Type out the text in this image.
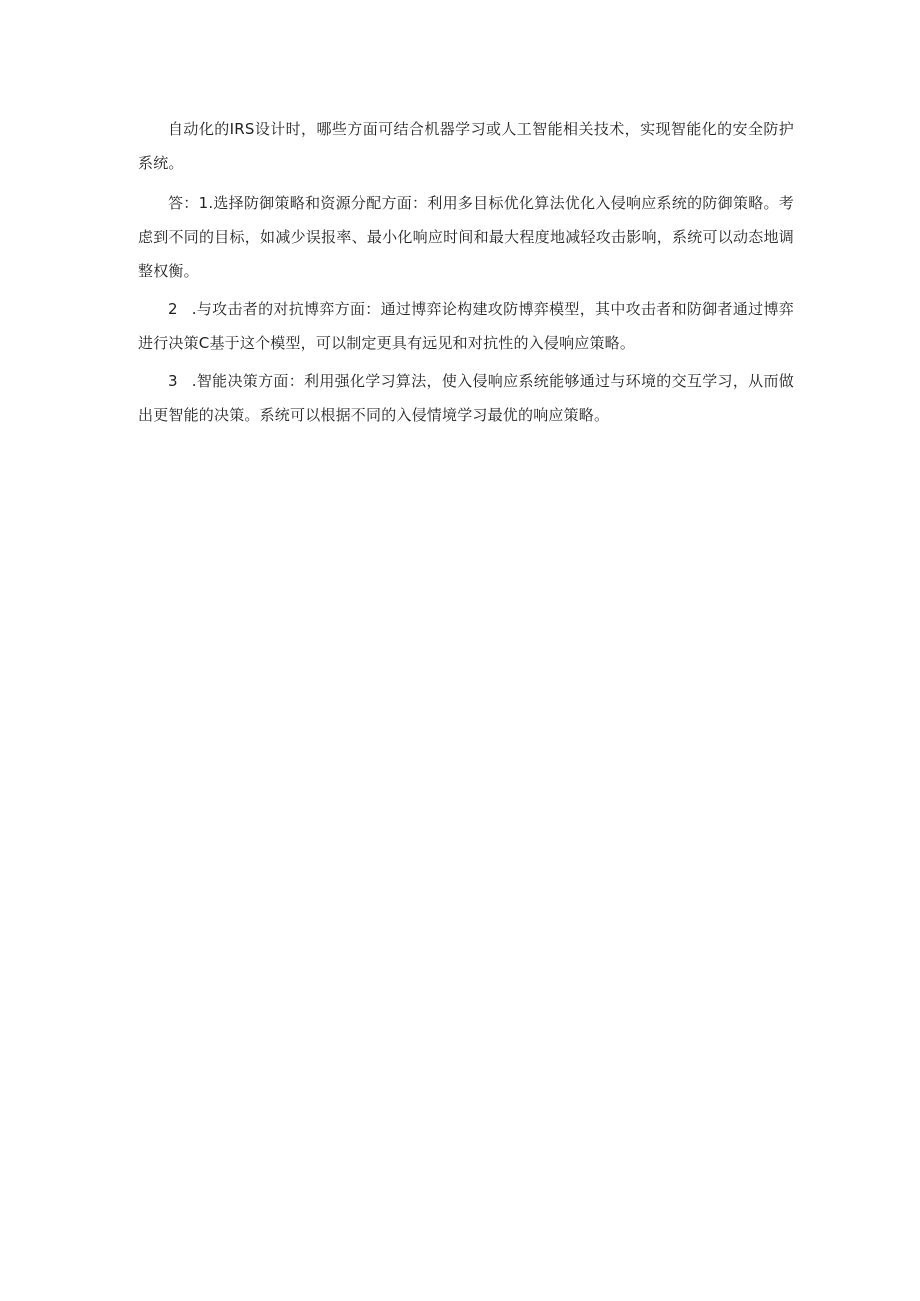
自动化的IRS设计时，哪些方面可结合机器学习或人工智能相关技术，实现智能化的安全防护系统。

答：1.选择防御策略和资源分配方面：利用多目标优化算法优化入侵响应系统的防御策略。考虑到不同的目标，如减少误报率、最小化响应时间和最大程度地减轻攻击影响，系统可以动态地调整权衡。

2 .与攻击者的对抗博弈方面：通过博弈论构建攻防博弈模型，其中攻击者和防御者通过博弈进行决策C基于这个模型，可以制定更具有远见和对抗性的入侵响应策略。

3 .智能决策方面：利用强化学习算法，使入侵响应系统能够通过与环境的交互学习，从而做出更智能的决策。系统可以根据不同的入侵情境学习最优的响应策略。
